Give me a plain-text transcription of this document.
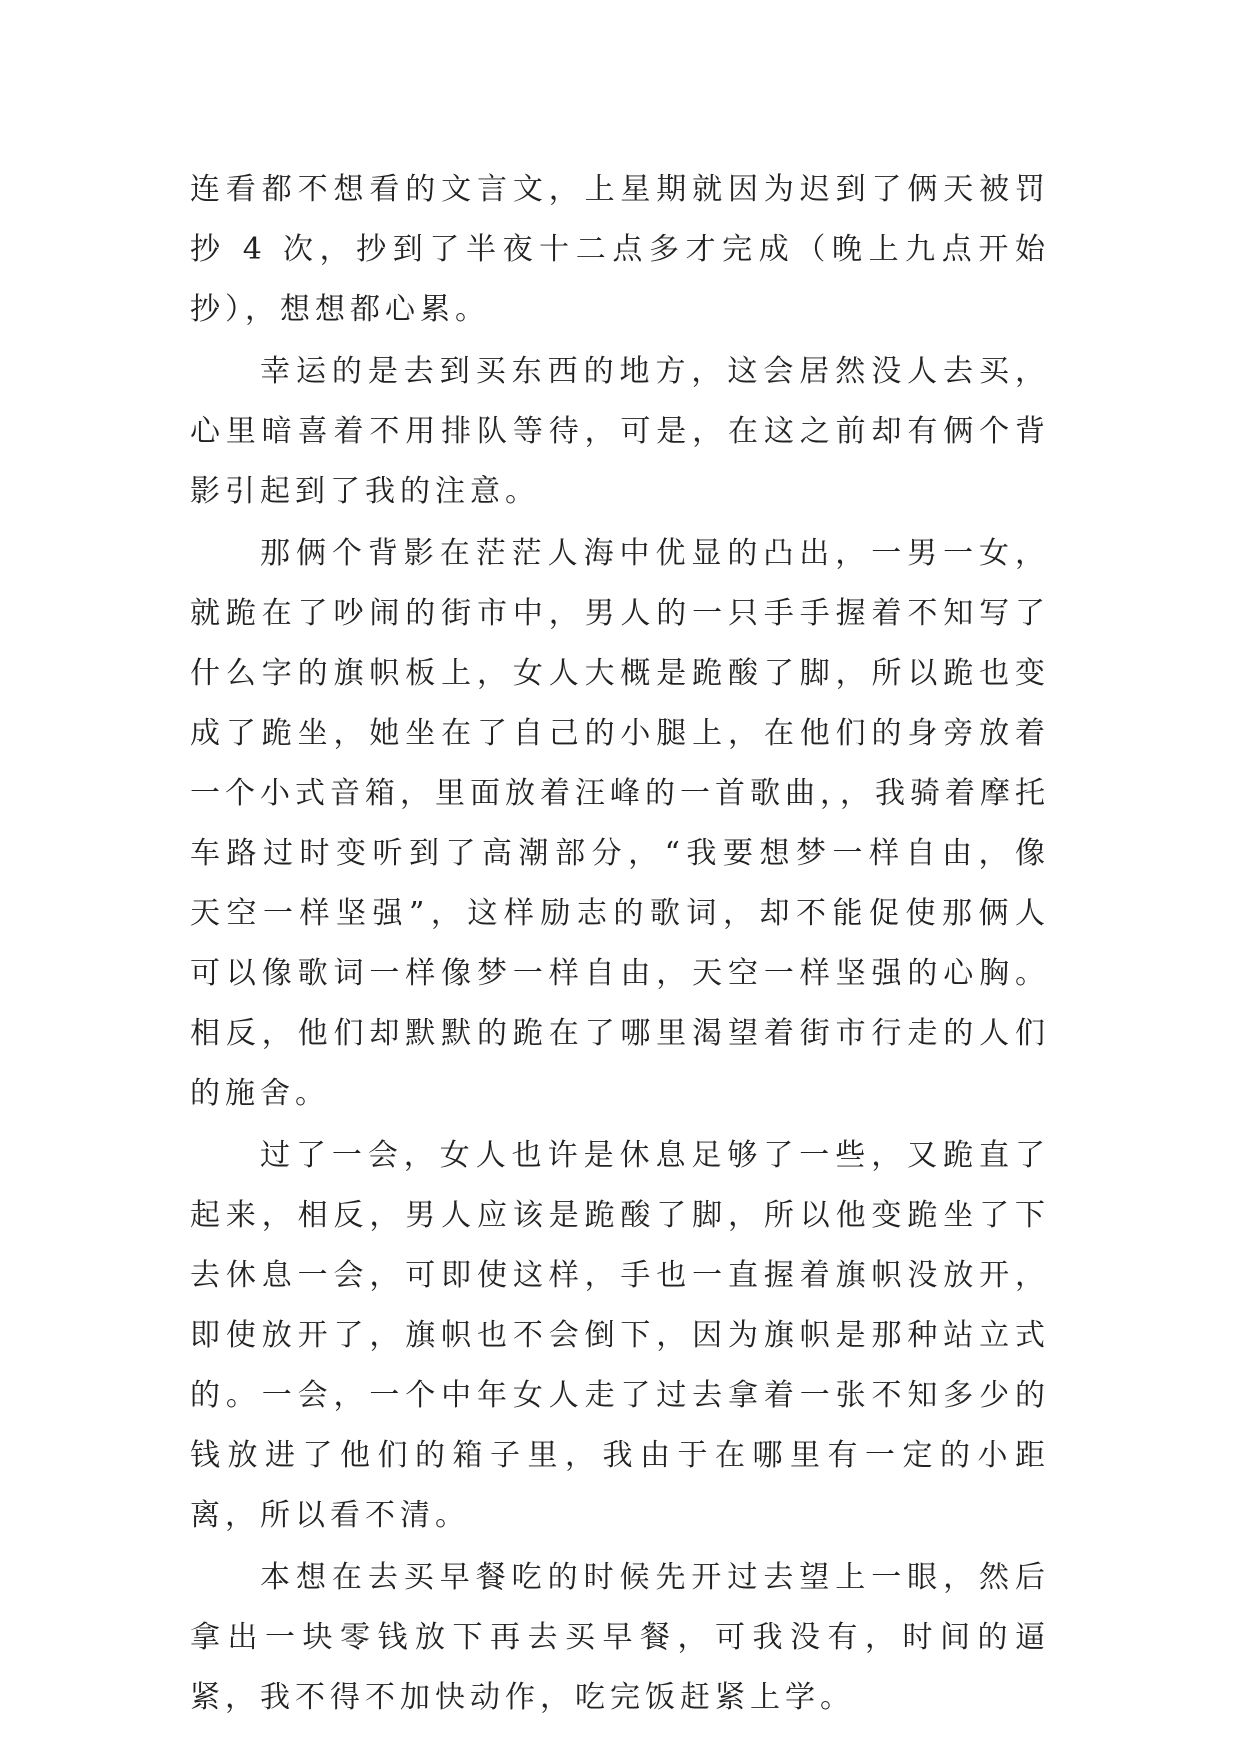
连看都不想看的文言文，上星期就因为迟到了俩天被罚抄 4 次，抄到了半夜十二点多才完成（晚上九点开始抄），想想都心累。

幸运的是去到买东西的地方，这会居然没人去买，心里暗喜着不用排队等待，可是，在这之前却有俩个背影引起到了我的注意。

那俩个背影在茫茫人海中优显的凸出，一男一女，就跪在了吵闹的街市中，男人的一只手手握着不知写了什么字的旗帜板上，女人大概是跪酸了脚，所以跪也变成了跪坐，她坐在了自己的小腿上，在他们的身旁放着一个小式音箱，里面放着汪峰的一首歌曲，，我骑着摩托车路过时变听到了高潮部分，“我要想梦一样自由，像天空一样坚强”，这样励志的歌词，却不能促使那俩人可以像歌词一样像梦一样自由，天空一样坚强的心胸。相反，他们却默默的跪在了哪里渴望着街市行走的人们的施舍。

过了一会，女人也许是休息足够了一些，又跪直了起来，相反，男人应该是跪酸了脚，所以他变跪坐了下去休息一会，可即使这样，手也一直握着旗帜没放开，即使放开了，旗帜也不会倒下，因为旗帜是那种站立式的。一会，一个中年女人走了过去拿着一张不知多少的钱放进了他们的箱子里，我由于在哪里有一定的小距离，所以看不清。

本想在去买早餐吃的时候先开过去望上一眼，然后拿出一块零钱放下再去买早餐，可我没有，时间的逼紧，我不得不加快动作，吃完饭赶紧上学。
